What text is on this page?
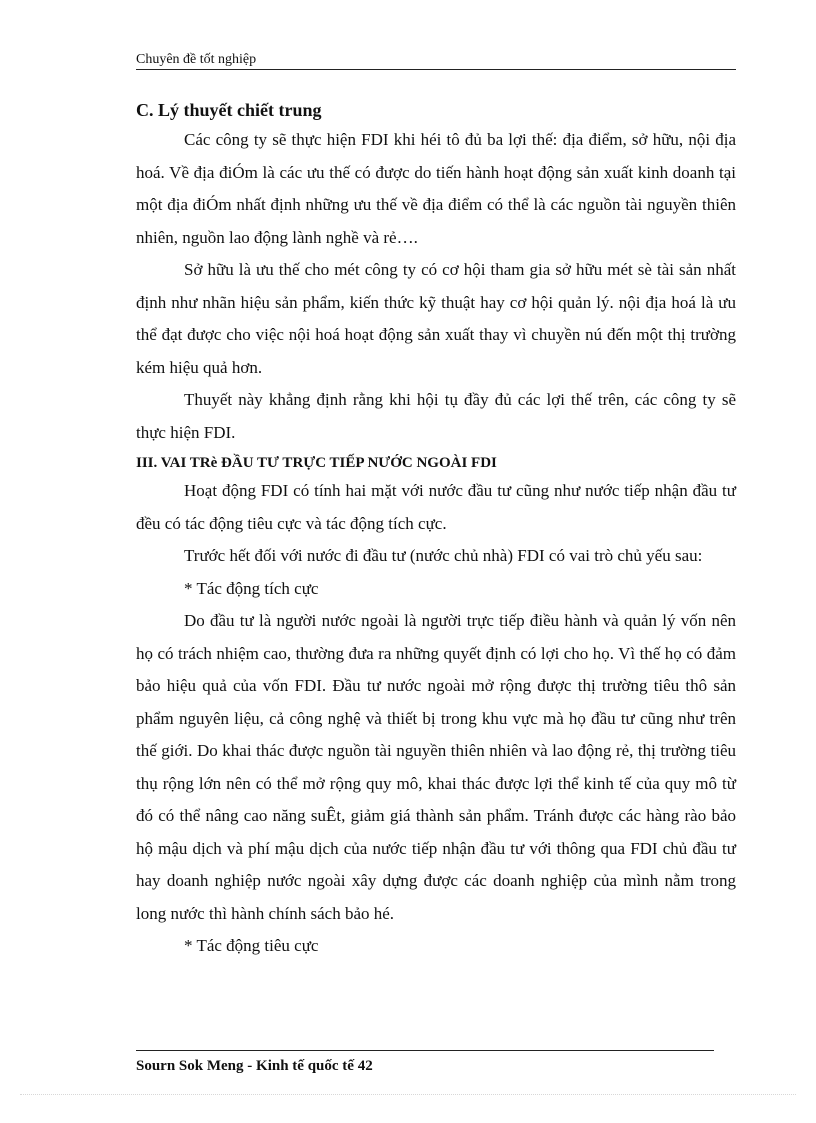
Chuyên đề tốt nghiệp
C. Lý thuyết chiết trung

Các công ty sẽ thực hiện FDI khi héi tô đủ ba lợi thế: địa điểm, sở hữu, nội địa hoá. Về địa điÓm là các ưu thế có được do tiến hành hoạt động sản xuất kinh doanh tại một địa điÓm nhất định những ưu thế về địa điểm có thể là các nguồn tài nguyền thiên nhiên, nguồn lao động lành nghề và rẻ….

Sở hữu là ưu thế cho mét công ty có cơ hội tham gia sở hữu mét sè tài sản nhất định như nhãn hiệu sản phẩm, kiến thức kỹ thuật hay cơ hội quản lý. nội địa hoá là ưu thể đạt được cho việc nội hoá hoạt động sản xuất thay vì chuyền nú đến một thị trường kém hiệu quả hơn.

Thuyết này khẳng định rằng khi hội tụ đầy đủ các lợi thế trên, các công ty sẽ thực hiện FDI.

III. VAI TRè ĐẦU TƯ TRỰC TIẾP NƯỚC NGOÀI FDI

Hoạt động FDI có tính hai mặt với nước đầu tư cũng như nước tiếp nhận đầu tư đều có tác động tiêu cực và tác động tích cực.

Trước hết đối với nước đi đầu tư (nước chủ nhà) FDI có vai trò chủ yếu sau:

* Tác động tích cực

Do đầu tư là người nước ngoài là người trực tiếp điều hành và quản lý vốn nên họ có trách nhiệm cao, thường đưa ra những quyết định có lợi cho họ. Vì thế họ có đảm bảo hiệu quả của vốn FDI. Đầu tư nước ngoài mở rộng được thị trường tiêu thô sản phẩm nguyên liệu, cả công nghệ và thiết bị trong khu vực mà họ đầu tư cũng như trên thế giới. Do khai thác được nguồn tài nguyền thiên nhiên và lao động rẻ, thị trường tiêu thụ rộng lớn nên có thể mở rộng quy mô, khai thác được lợi thể kinh tế của quy mô từ đó có thể nâng cao năng suÊt, giảm giá thành sản phẩm. Tránh được các hàng rào bảo hộ mậu dịch và phí mậu dịch của nước tiếp nhận đầu tư với thông qua FDI chủ đầu tư hay doanh nghiệp nước ngoài xây dựng được các doanh nghiệp của mình nằm trong long nước thì hành chính sách bảo hé.

* Tác động tiêu cực

Sourn Sok Meng - Kinh tế quốc tế 42
